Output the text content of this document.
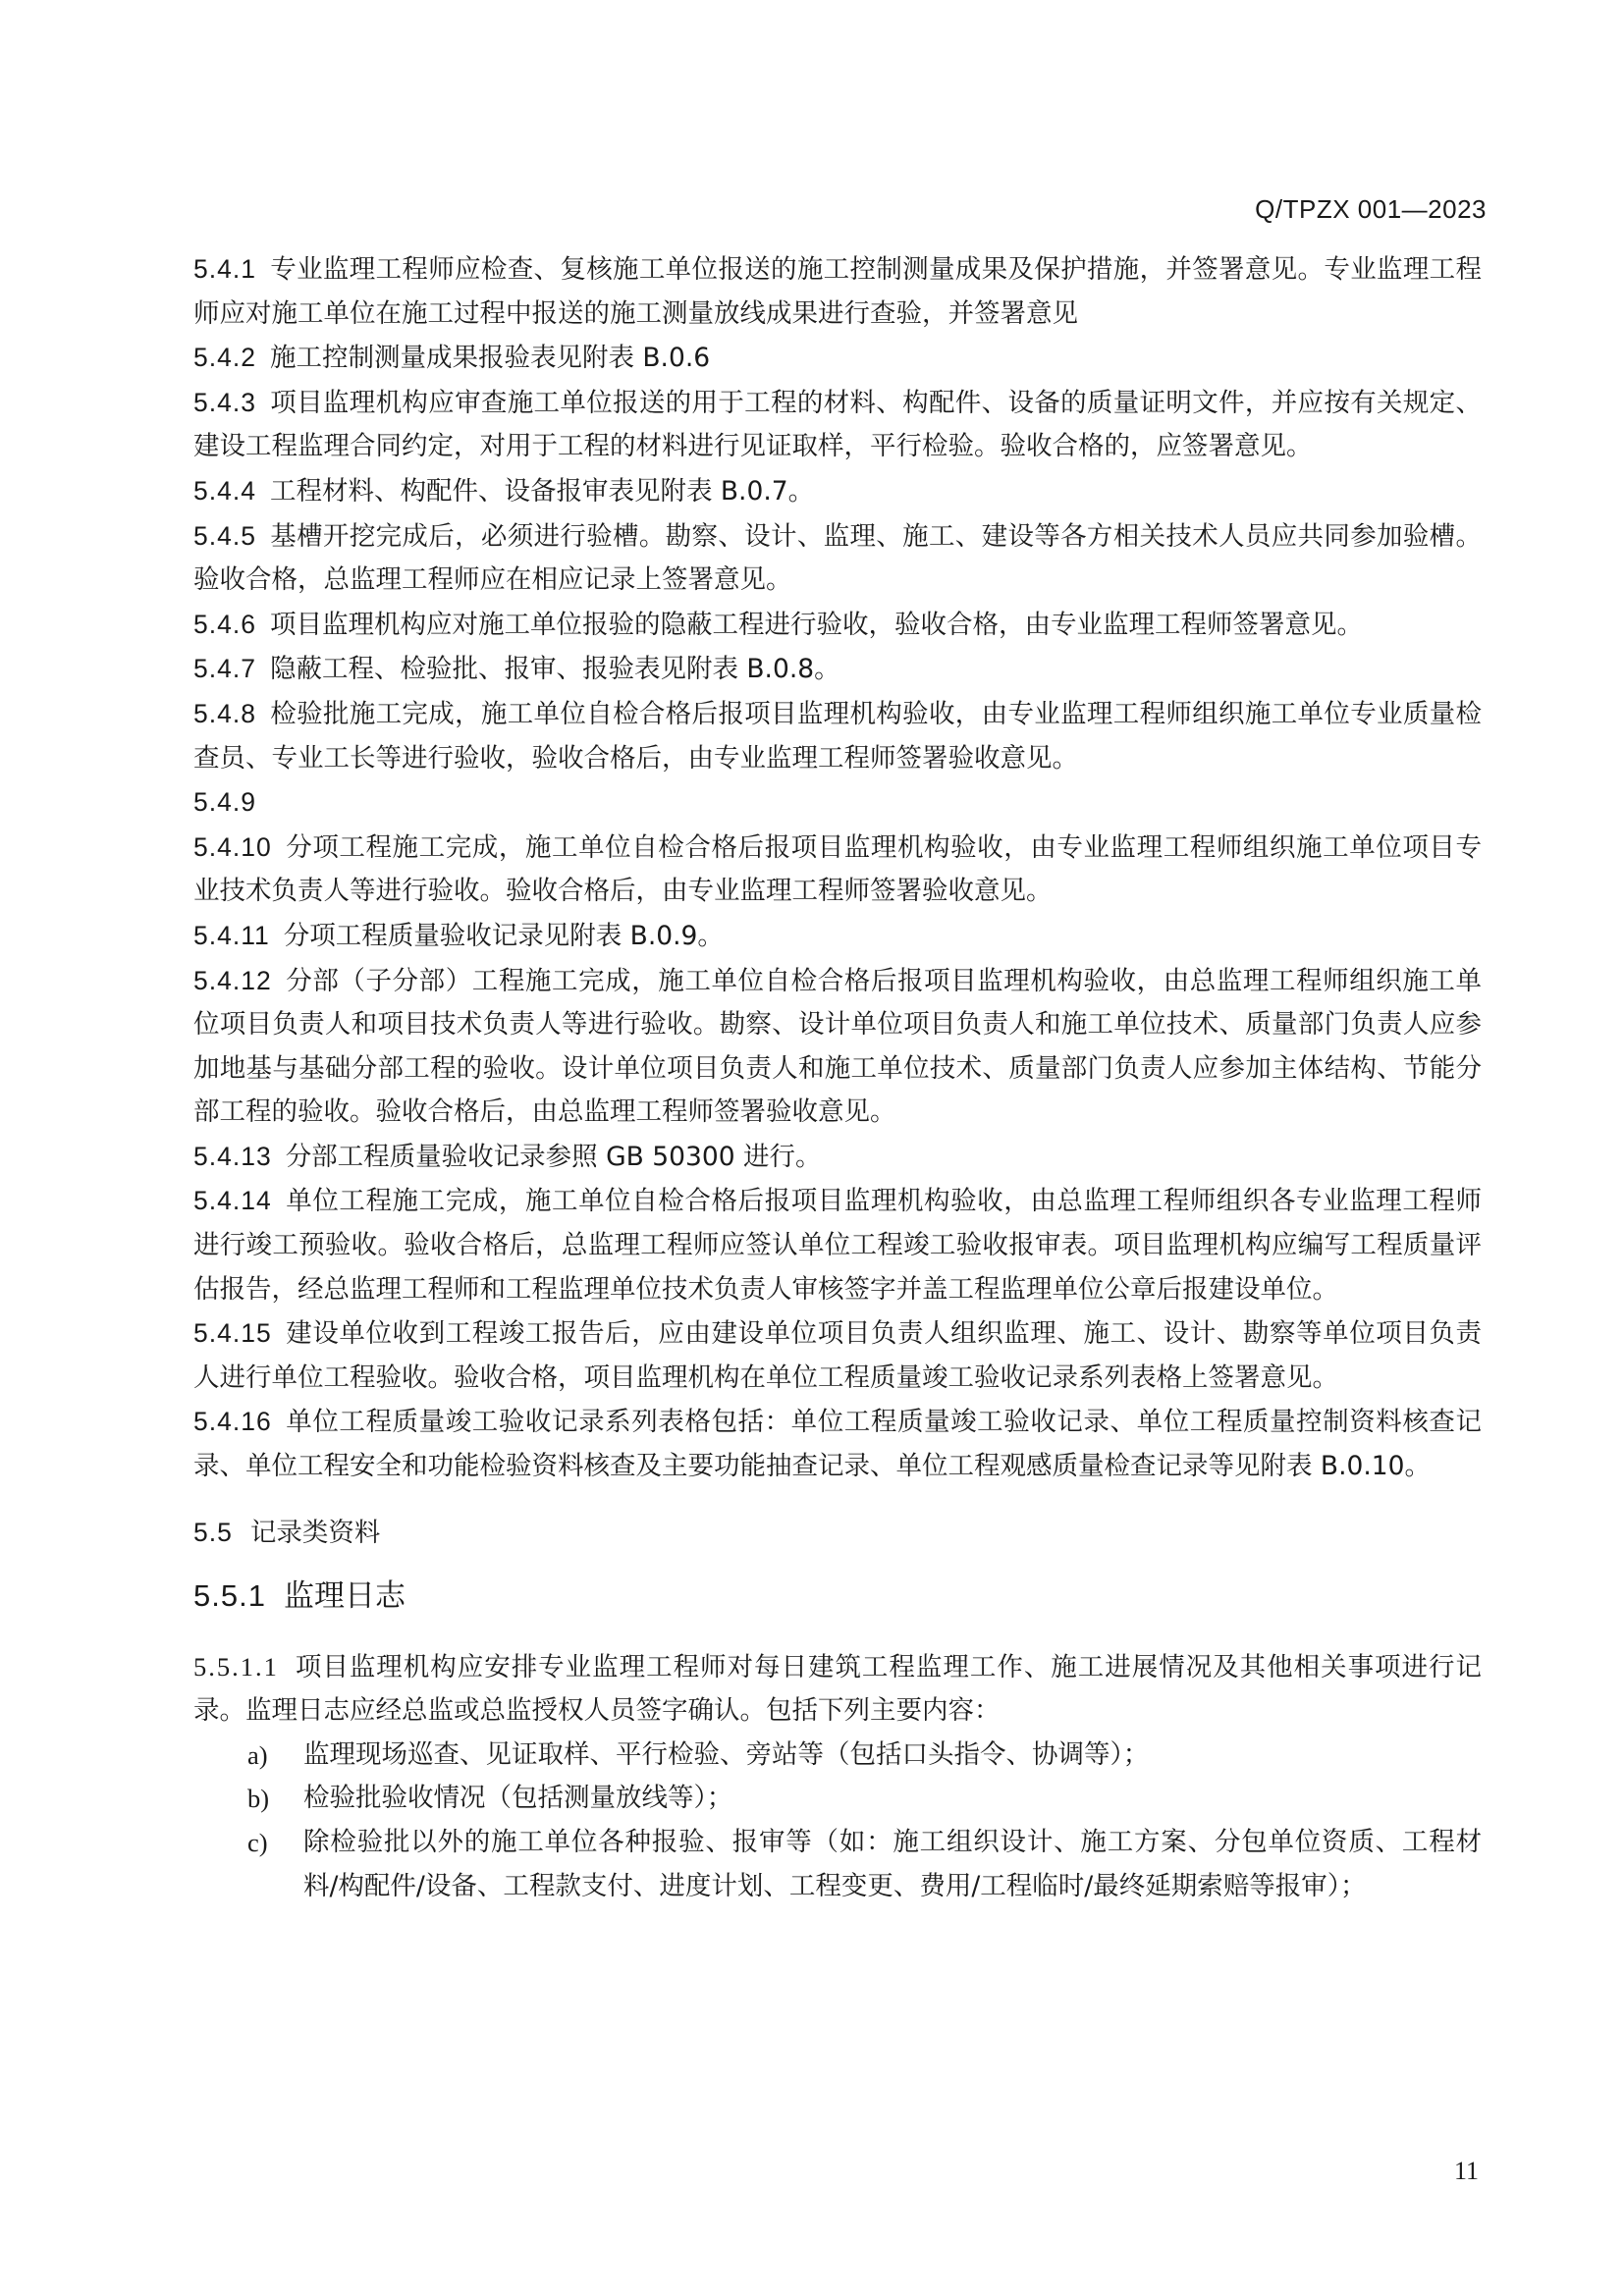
Q/TPZX 001—2023

5.4.1 专业监理工程师应检查、复核施工单位报送的施工控制测量成果及保护措施，并签署意见。专业监理工程师应对施工单位在施工过程中报送的施工测量放线成果进行查验，并签署意见

5.4.2 施工控制测量成果报验表见附表 B.0.6

5.4.3 项目监理机构应审查施工单位报送的用于工程的材料、构配件、设备的质量证明文件，并应按有关规定、建设工程监理合同约定，对用于工程的材料进行见证取样，平行检验。验收合格的，应签署意见。

5.4.4 工程材料、构配件、设备报审表见附表 B.0.7。

5.4.5 基槽开挖完成后，必须进行验槽。勘察、设计、监理、施工、建设等各方相关技术人员应共同参加验槽。验收合格，总监理工程师应在相应记录上签署意见。

5.4.6 项目监理机构应对施工单位报验的隐蔽工程进行验收，验收合格，由专业监理工程师签署意见。

5.4.7 隐蔽工程、检验批、报审、报验表见附表 B.0.8。

5.4.8 检验批施工完成，施工单位自检合格后报项目监理机构验收，由专业监理工程师组织施工单位专业质量检查员、专业工长等进行验收，验收合格后，由专业监理工程师签署验收意见。

5.4.9

5.4.10 分项工程施工完成，施工单位自检合格后报项目监理机构验收，由专业监理工程师组织施工单位项目专业技术负责人等进行验收。验收合格后，由专业监理工程师签署验收意见。

5.4.11 分项工程质量验收记录见附表 B.0.9。

5.4.12 分部（子分部）工程施工完成，施工单位自检合格后报项目监理机构验收，由总监理工程师组织施工单位项目负责人和项目技术负责人等进行验收。勘察、设计单位项目负责人和施工单位技术、质量部门负责人应参加地基与基础分部工程的验收。设计单位项目负责人和施工单位技术、质量部门负责人应参加主体结构、节能分部工程的验收。验收合格后，由总监理工程师签署验收意见。

5.4.13 分部工程质量验收记录参照 GB 50300 进行。

5.4.14 单位工程施工完成，施工单位自检合格后报项目监理机构验收，由总监理工程师组织各专业监理工程师进行竣工预验收。验收合格后，总监理工程师应签认单位工程竣工验收报审表。项目监理机构应编写工程质量评估报告，经总监理工程师和工程监理单位技术负责人审核签字并盖工程监理单位公章后报建设单位。

5.4.15 建设单位收到工程竣工报告后，应由建设单位项目负责人组织监理、施工、设计、勘察等单位项目负责人进行单位工程验收。验收合格，项目监理机构在单位工程质量竣工验收记录系列表格上签署意见。

5.4.16 单位工程质量竣工验收记录系列表格包括：单位工程质量竣工验收记录、单位工程质量控制资料核查记录、单位工程安全和功能检验资料核查及主要功能抽查记录、单位工程观感质量检查记录等见附表 B.0.10。

5.5 记录类资料
5.5.1 监理日志

5.5.1.1 项目监理机构应安排专业监理工程师对每日建筑工程监理工作、施工进展情况及其他相关事项进行记录。监理日志应经总监或总监授权人员签字确认。包括下列主要内容：

a) 监理现场巡查、见证取样、平行检验、旁站等（包括口头指令、协调等）；
b) 检验批验收情况（包括测量放线等）；
c) 除检验批以外的施工单位各种报验、报审等（如：施工组织设计、施工方案、分包单位资质、工程材料/构配件/设备、工程款支付、进度计划、工程变更、费用/工程临时/最终延期索赔等报审）；
11
